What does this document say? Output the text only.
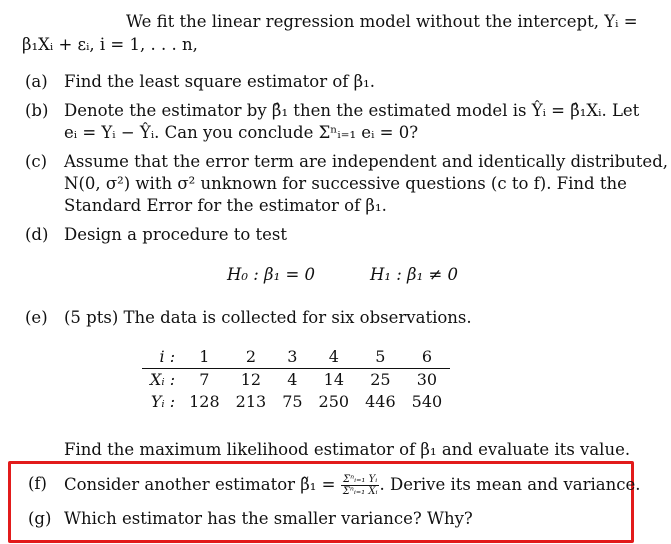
We fit the linear regression model without the intercept, Yᵢ =
β₁Xᵢ + εᵢ, i = 1, . . . n,
(a) Find the least square estimator of β₁.
(b) Denote the estimator by β̂₁ then the estimated model is Ŷᵢ = β̂₁Xᵢ. Let
eᵢ = Yᵢ − Ŷᵢ. Can you conclude Σⁿᵢ₌₁ eᵢ = 0?
(c) Assume that the error term are independent and identically distributed,
N(0, σ²) with σ² unknown for successive questions (c to f). Find the
Standard Error for the estimator of β₁.
(d) Design a procedure to test
H₀ : β₁ = 0	H₁ : β₁ ≠ 0
(e) (5 pts) The data is collected for six observations.
i :	1	2	3	4	5	6
Xᵢ :	7	12	4	14	25	30
Yᵢ :	128	213	75	250	446	540
Find the maximum likelihood estimator of β₁ and evaluate its value.
(f) Consider another estimator β̃₁ = $\frac{\text{Σⁿᵢ₌₁ Yᵢ}}{\text{Σⁿᵢ₌₁ Xᵢ}}$ . Derive its mean and variance.
(g) Which estimator has the smaller variance? Why?
